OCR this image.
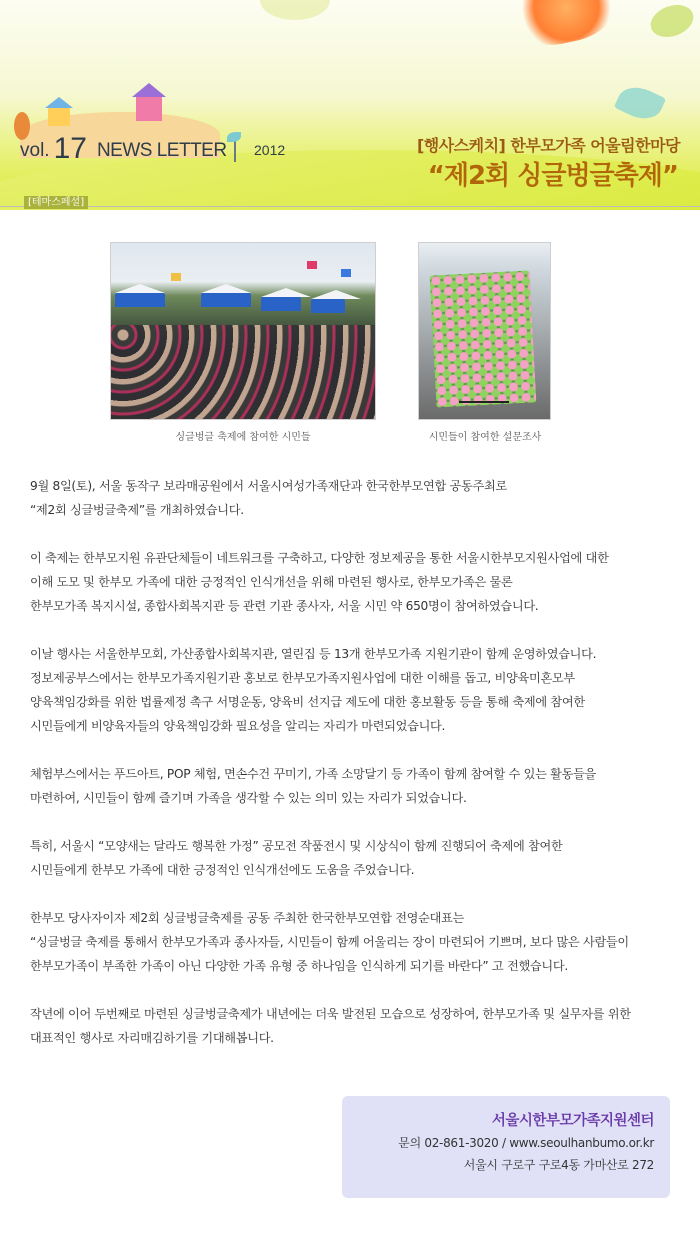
vol. 17 NEWS LETTER 2012	[행사스케치] 한부모가족 어울림한마당
“제2회 싱글벙글축제”
[테마스페셜]
싱글벙글 축제에 참여한 시민들	시민들이 참여한 설문조사

9월 8일(토), 서울 동작구 보라매공원에서 서울시여성가족재단과 한국한부모연합 공동주최로
“제2회 싱글벙글축제”를 개최하였습니다.

이 축제는 한부모지원 유관단체들이 네트워크를 구축하고, 다양한 정보제공을 통한 서울시한부모지원사업에 대한
이해 도모 및 한부모 가족에 대한 긍정적인 인식개선을 위해 마련된 행사로, 한부모가족은 물론
한부모가족 복지시설, 종합사회복지관 등 관련 기관 종사자, 서울 시민 약 650명이 참여하였습니다.

이날 행사는 서울한부모회, 가산종합사회복지관, 열린집 등 13개 한부모가족 지원기관이 함께 운영하였습니다.
정보제공부스에서는 한부모가족지원기관 홍보로 한부모가족지원사업에 대한 이해를 돕고, 비양육미혼모부
양육책임강화를 위한 법률제정 촉구 서명운동, 양육비 선지급 제도에 대한 홍보활동 등을 통해 축제에 참여한
시민들에게 비양육자들의 양육책임강화 필요성을 알리는 자리가 마련되었습니다.

체험부스에서는 푸드아트, POP 체험, 면손수건 꾸미기, 가족 소망달기 등 가족이 함께 참여할 수 있는 활동들을
마련하여, 시민들이 함께 즐기며 가족을 생각할 수 있는 의미 있는 자리가 되었습니다.

특히, 서울시 “모양새는 달라도 행복한 가정” 공모전 작품전시 및 시상식이 함께 진행되어 축제에 참여한
시민들에게 한부모 가족에 대한 긍정적인 인식개선에도 도움을 주었습니다.

한부모 당사자이자 제2회 싱글벙글축제를 공동 주최한 한국한부모연합 전영순대표는
“싱글벙글 축제를 통해서 한부모가족과 종사자들, 시민들이 함께 어울리는 장이 마련되어 기쁘며, 보다 많은 사람들이
한부모가족이 부족한 가족이 아닌 다양한 가족 유형 중 하나임을 인식하게 되기를 바란다” 고 전했습니다.

작년에 이어 두번째로 마련된 싱글벙글축제가 내년에는 더욱 발전된 모습으로 성장하여, 한부모가족 및 실무자를 위한
대표적인 행사로 자리매김하기를 기대해봅니다.

서울시한부모가족지원센터
문의 02-861-3020 / www.seoulhanbumo.or.kr
서울시 구로구 구로4동 가마산로 272
